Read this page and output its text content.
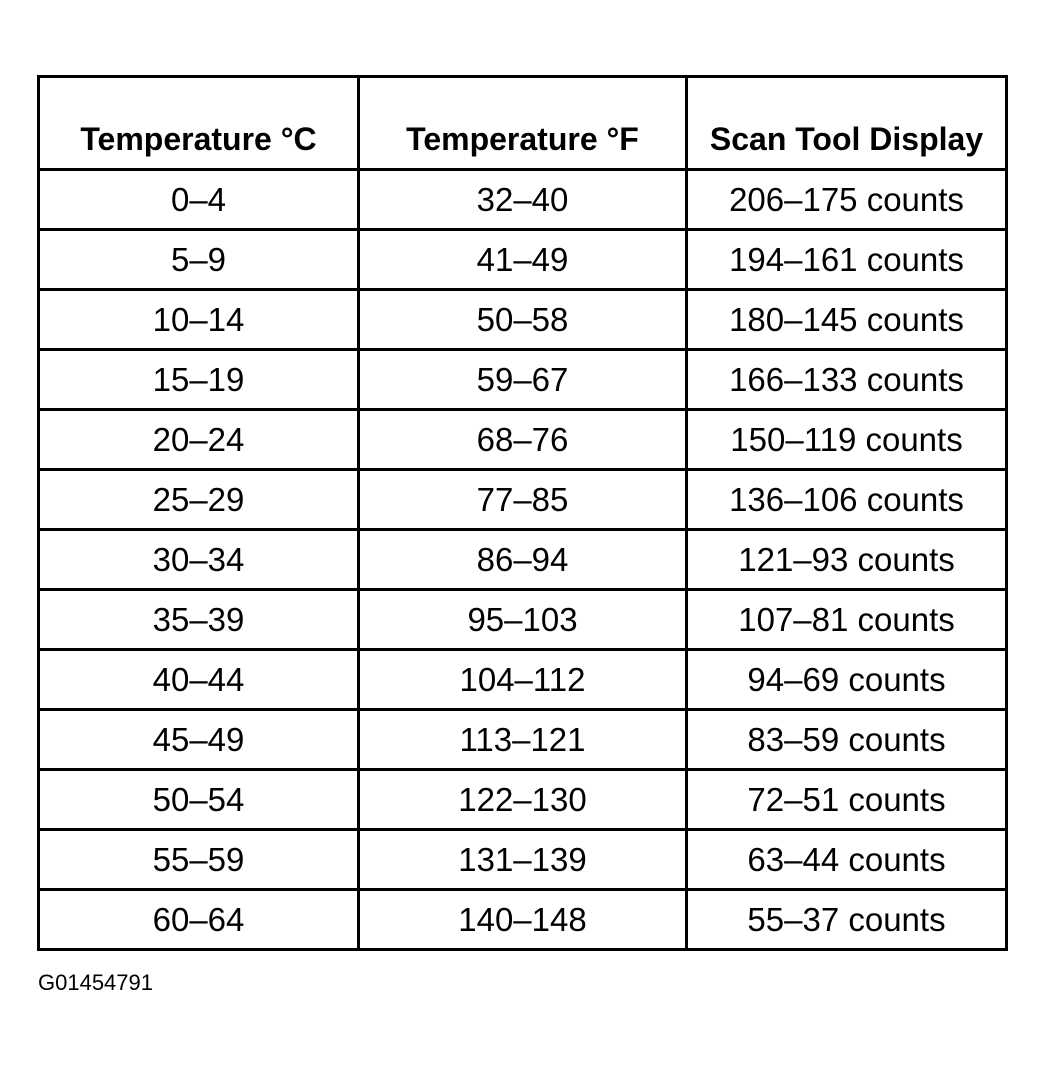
Temperature °C	Temperature °F	Scan Tool Display
0–4	32–40	206–175 counts
5–9	41–49	194–161 counts
10–14	50–58	180–145 counts
15–19	59–67	166–133 counts
20–24	68–76	150–119 counts
25–29	77–85	136–106 counts
30–34	86–94	121–93 counts
35–39	95–103	107–81 counts
40–44	104–112	94–69 counts
45–49	113–121	83–59 counts
50–54	122–130	72–51 counts
55–59	131–139	63–44 counts
60–64	140–148	55–37 counts
G01454791
